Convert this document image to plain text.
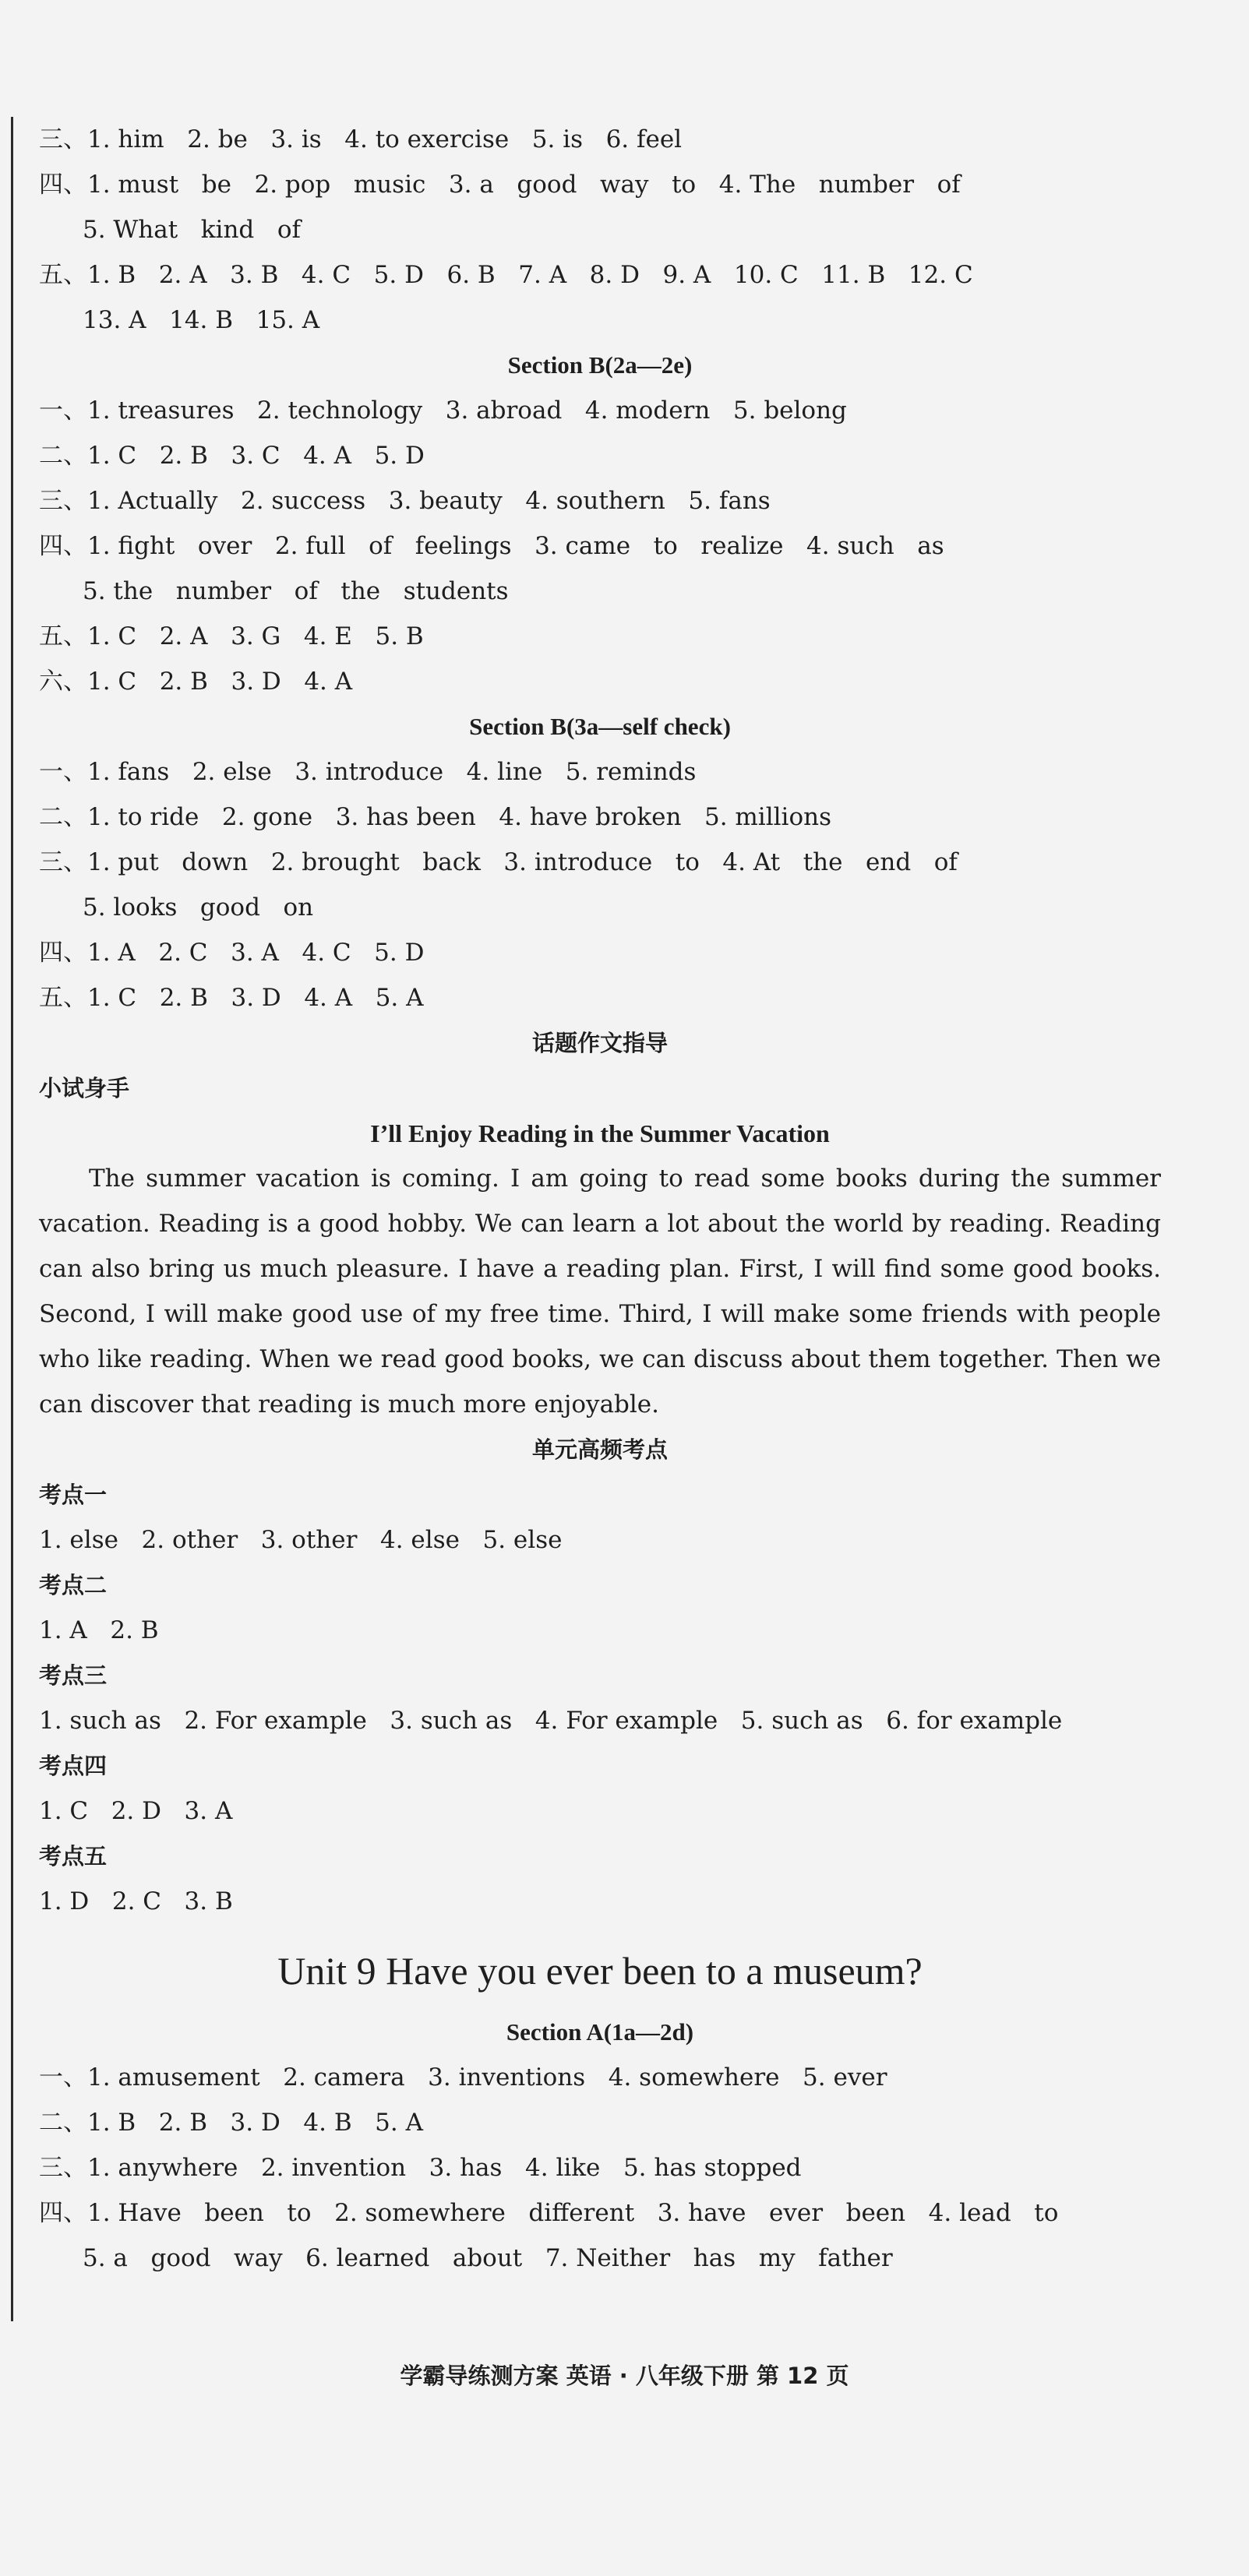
三、1. him   2. be   3. is   4. to exercise   5. is   6. feel
四、1. must   be   2. pop   music   3. a   good   way   to   4. The   number   of
5. What   kind   of
五、1. B   2. A   3. B   4. C   5. D   6. B   7. A   8. D   9. A   10. C   11. B   12. C
13. A   14. B   15. A
Section B(2a—2e)
一、1. treasures   2. technology   3. abroad   4. modern   5. belong
二、1. C   2. B   3. C   4. A   5. D
三、1. Actually   2. success   3. beauty   4. southern   5. fans
四、1. fight   over   2. full   of   feelings   3. came   to   realize   4. such   as
5. the   number   of   the   students
五、1. C   2. A   3. G   4. E   5. B
六、1. C   2. B   3. D   4. A
Section B(3a—self check)
一、1. fans   2. else   3. introduce   4. line   5. reminds
二、1. to ride   2. gone   3. has been   4. have broken   5. millions
三、1. put   down   2. brought   back   3. introduce   to   4. At   the   end   of
5. looks   good   on
四、1. A   2. C   3. A   4. C   5. D
五、1. C   2. B   3. D   4. A   5. A
话题作文指导
小试身手
I’ll Enjoy Reading in the Summer Vacation
The summer vacation is coming. I am going to read some books during the summer vacation. Reading is a good hobby. We can learn a lot about the world by reading. Reading can also bring us much pleasure. I have a reading plan. First, I will find some good books. Second, I will make good use of my free time. Third, I will make some friends with people who like reading. When we read good books, we can discuss about them together. Then we can discover that reading is much more enjoyable.
单元高频考点
考点一
1. else   2. other   3. other   4. else   5. else
考点二
1. A   2. B
考点三
1. such as   2. For example   3. such as   4. For example   5. such as   6. for example
考点四
1. C   2. D   3. A
考点五
1. D   2. C   3. B
Unit 9 Have you ever been to a museum?
Section A(1a—2d)
一、1. amusement   2. camera   3. inventions   4. somewhere   5. ever
二、1. B   2. B   3. D   4. B   5. A
三、1. anywhere   2. invention   3. has   4. like   5. has stopped
四、1. Have   been   to   2. somewhere   different   3. have   ever   been   4. lead   to
5. a   good   way   6. learned   about   7. Neither   has   my   father
学霸导练测方案 英语 · 八年级下册 第 12 页
